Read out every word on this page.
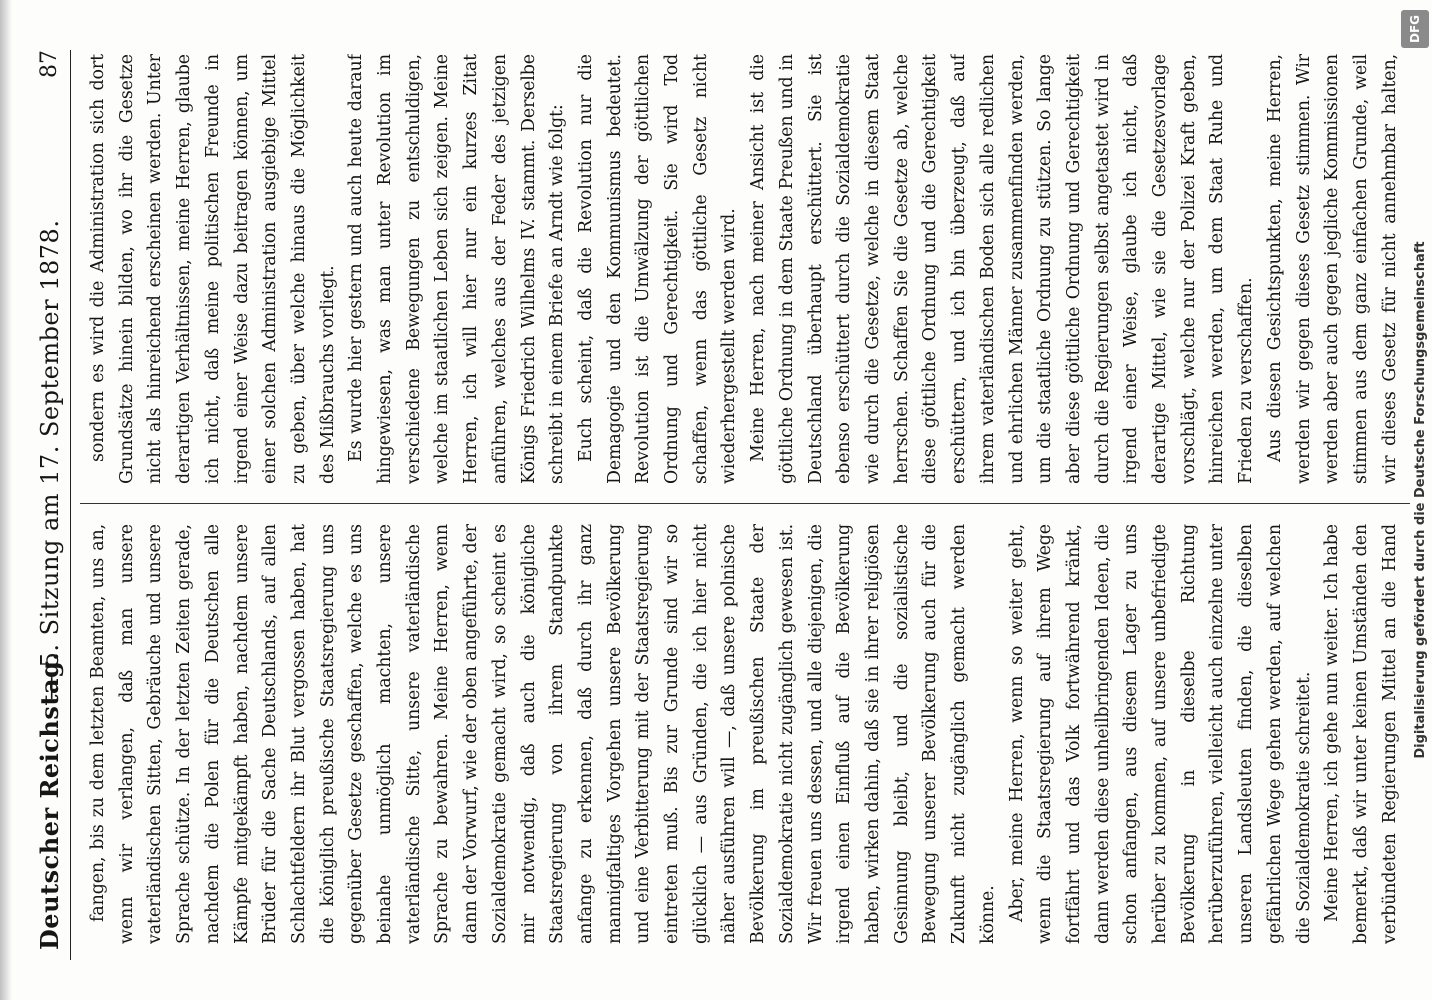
Deutscher Reichstag.
— 5. Sitzung am 17. September 1878.
87

fangen, bis zu dem letzten Beamten, uns an, wenn wir verlangen, daß man unsere vaterländischen Sitten, Gebräuche und unsere Sprache schütze. In der letzten Zeiten gerade, nachdem die Polen für die Deutschen alle Kämpfe mitgekämpft haben, nachdem unsere Brüder für die Sache Deutschlands, auf allen Schlachtfeldern ihr Blut vergossen haben, hat die königlich preußische Staatsregierung uns gegenüber Gesetze geschaffen, welche es uns beinahe unmöglich machten, unsere vaterländische Sitte, unsere vaterländische Sprache zu bewahren. Meine Herren, wenn dann der Vorwurf, wie der oben angeführte, der Sozialdemokratie gemacht wird, so scheint es mir notwendig, daß auch die königliche Staatsregierung von ihrem Standpunkte anfange zu erkennen, daß durch ihr ganz mannigfaltiges Vorgehen unsere Bevölkerung und eine Verbitterung mit der Staatsregierung eintreten muß. Bis zur Grunde sind wir so glücklich — aus Gründen, die ich hier nicht näher ausführen will —, daß unsere polnische Bevölkerung im preußischen Staate der Sozialdemokratie nicht zugänglich gewesen ist. Wir freuen uns dessen, und alle diejenigen, die irgend einen Einfluß auf die Bevölkerung haben, wirken dahin, daß sie in ihrer religiösen Gesinnung bleibt, und die sozialistische Bewegung unserer Bevölkerung auch für die Zukunft nicht zugänglich gemacht werden könne. Aber, meine Herren, wenn so weiter geht, wenn die Staatsregierung auf ihrem Wege fortfährt und das Volk fortwährend kränkt, dann werden diese unheilbringenden Ideen, die schon anfangen, aus diesem Lager zu uns herüber zu kommen, auf unsere unbefriedigte Bevölkerung in dieselbe Richtung herüberzuführen, vielleicht auch einzelne unter unseren Landsleuten finden, die dieselben gefährlichen Wege gehen werden, auf welchen die Sozialdemokratie schreitet. Meine Herren, ich gehe nun weiter. Ich habe bemerkt, daß wir unter keinen Umständen den verbündeten Regierungen Mittel an die Hand

sondern es wird die Administration sich dort Grundsätze hinein bilden, wo ihr die Gesetze nicht als hinreichend erscheinen werden. Unter derartigen Verhältnissen, meine Herren, glaube ich nicht, daß meine politischen Freunde in irgend einer Weise dazu beitragen können, um einer solchen Administration ausgiebige Mittel zu geben, über welche hinaus die Möglichkeit des Mißbrauchs vorliegt. Es wurde hier gestern und auch heute darauf hingewiesen, was man unter Revolution im verschiedene Bewegungen zu entschuldigen, welche im staatlichen Leben sich zeigen. Meine Herren, ich will hier nur ein kurzes Zitat anführen, welches aus der Feder des jetzigen Königs Friedrich Wilhelms IV. stammt. Derselbe schreibt in einem Briefe an Arndt wie folgt: Euch scheint, daß die Revolution nur die Demagogie und den Kommunismus bedeutet. Revolution ist die Umwälzung der göttlichen Ordnung und Gerechtigkeit. Sie wird Tod schaffen, wenn das göttliche Gesetz nicht wiederhergestellt werden wird. Meine Herren, nach meiner Ansicht ist die göttliche Ordnung in dem Staate Preußen und in Deutschland überhaupt erschüttert. Sie ist ebenso erschüttert durch die Sozialdemokratie wie durch die Gesetze, welche in diesem Staat herrschen. Schaffen Sie die Gesetze ab, welche diese göttliche Ordnung und die Gerechtigkeit erschüttern, und ich bin überzeugt, daß auf ihrem vaterländischen Boden sich alle redlichen und ehrlichen Männer zusammenfinden werden, um die staatliche Ordnung zu stützen. So lange aber diese göttliche Ordnung und Gerechtigkeit durch die Regierungen selbst angetastet wird in irgend einer Weise, glaube ich nicht, daß derartige Mittel, wie sie die Gesetzesvorlage vorschlägt, welche nur der Polizei Kraft geben, hinreichen werden, um dem Staat Ruhe und Frieden zu verschaffen. Aus diesen Gesichtspunkten, meine Herren, werden wir gegen dieses Gesetz stimmen. Wir werden aber auch gegen jegliche Kommissionen stimmen aus dem ganz einfachen Grunde, weil wir dieses Gesetz für nicht annehmbar halten,

Digitalisierung gefördert durch die Deutsche Forschungsgemeinschaft
DFG
